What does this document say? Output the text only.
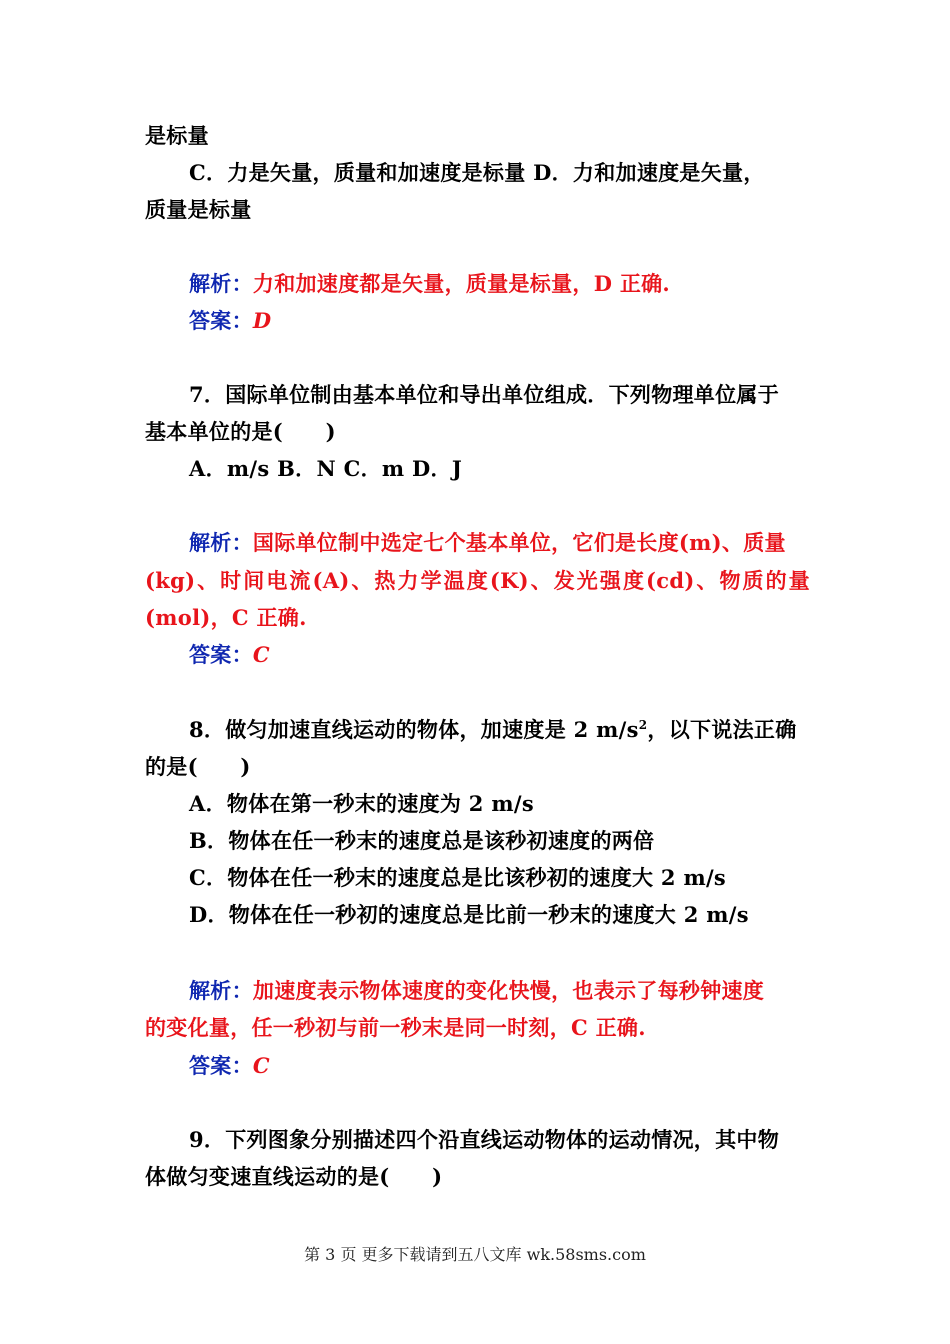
是标量
C．力是矢量，质量和加速度是标量 D．力和加速度是矢量，
质量是标量
解析：力和加速度都是矢量，质量是标量，D 正确.
答案：D
7．国际单位制由基本单位和导出单位组成．下列物理单位属于
基本单位的是(　　)
A．m/s B．N C．m D．J
解析：国际单位制中选定七个基本单位，它们是长度(m)、质量
(kg)、时间电流(A)、热力学温度(K)、发光强度(cd)、物质的量
(mol)，C 正确.
答案：C
8．做匀加速直线运动的物体，加速度是 2 $m/s^2$，以下说法正确
的是(　　)
A．物体在第一秒末的速度为 2 m/s
B．物体在任一秒末的速度总是该秒初速度的两倍
C．物体在任一秒末的速度总是比该秒初的速度大 2 m/s
D．物体在任一秒初的速度总是比前一秒末的速度大 2 m/s
解析：加速度表示物体速度的变化快慢，也表示了每秒钟速度
的变化量，任一秒初与前一秒末是同一时刻，C 正确.
答案：C
9．下列图象分别描述四个沿直线运动物体的运动情况，其中物
体做匀变速直线运动的是(　　)
第 3 页 更多下载请到五八文库 wk.58sms.com
